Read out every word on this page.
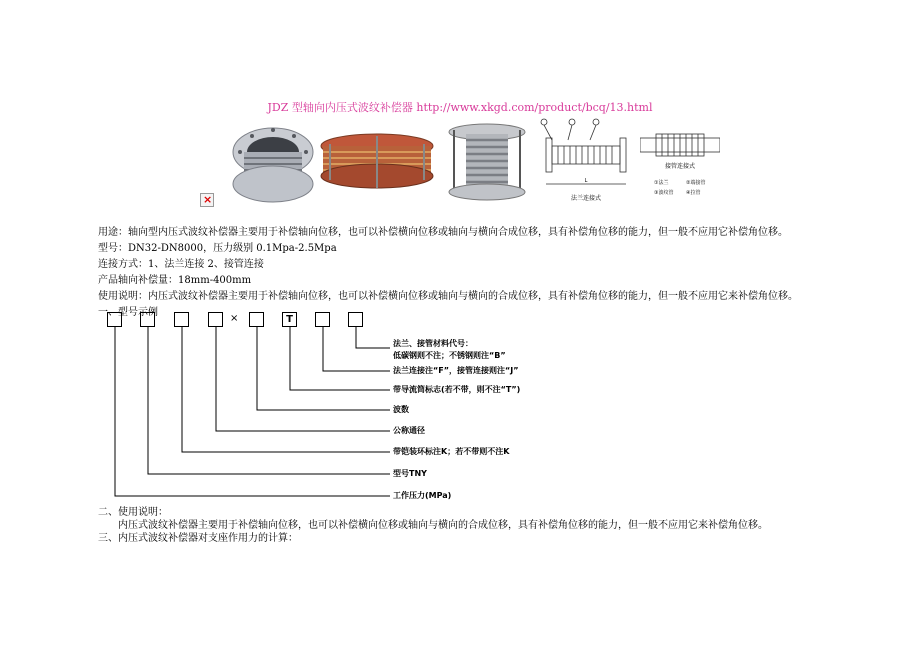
JDZ 型轴向内压式波纹补偿器 http://www.xkgd.com/product/bcq/13.html
L
法兰连接式
接管连接式
①法兰	②端接管
③波纹管	④拉管
×
用途：轴向型内压式波纹补偿器主要用于补偿轴向位移，也可以补偿横向位移或轴向与横向合成位移，具有补偿角位移的能力，但一般不应用它补偿角位移。
型号：DN32-DN8000，压力级别 0.1Mpa-2.5Mpa
连接方式：1、法兰连接 2、接管连接
产品轴向补偿量：18mm-400mm
使用说明：内压式波纹补偿器主要用于补偿轴向位移，也可以补偿横向位移或轴向与横向的合成位移，具有补偿角位移的能力，但一般不应用它来补偿角位移。
一、型号示例
×	T
法兰、接管材料代号：
低碳钢则不注；不锈钢则注“B”
法兰连接注“F”，接管连接则注“J”
带导流筒标志(若不带，则不注“T”)
波数
公称通径
带铠装环标注K；若不带则不注K
型号TNY
工作压力(MPa)
二、使用说明：
内压式波纹补偿器主要用于补偿轴向位移，也可以补偿横向位移或轴向与横向的合成位移，具有补偿角位移的能力，但一般不应用它来补偿角位移。
三、内压式波纹补偿器对支座作用力的计算：
